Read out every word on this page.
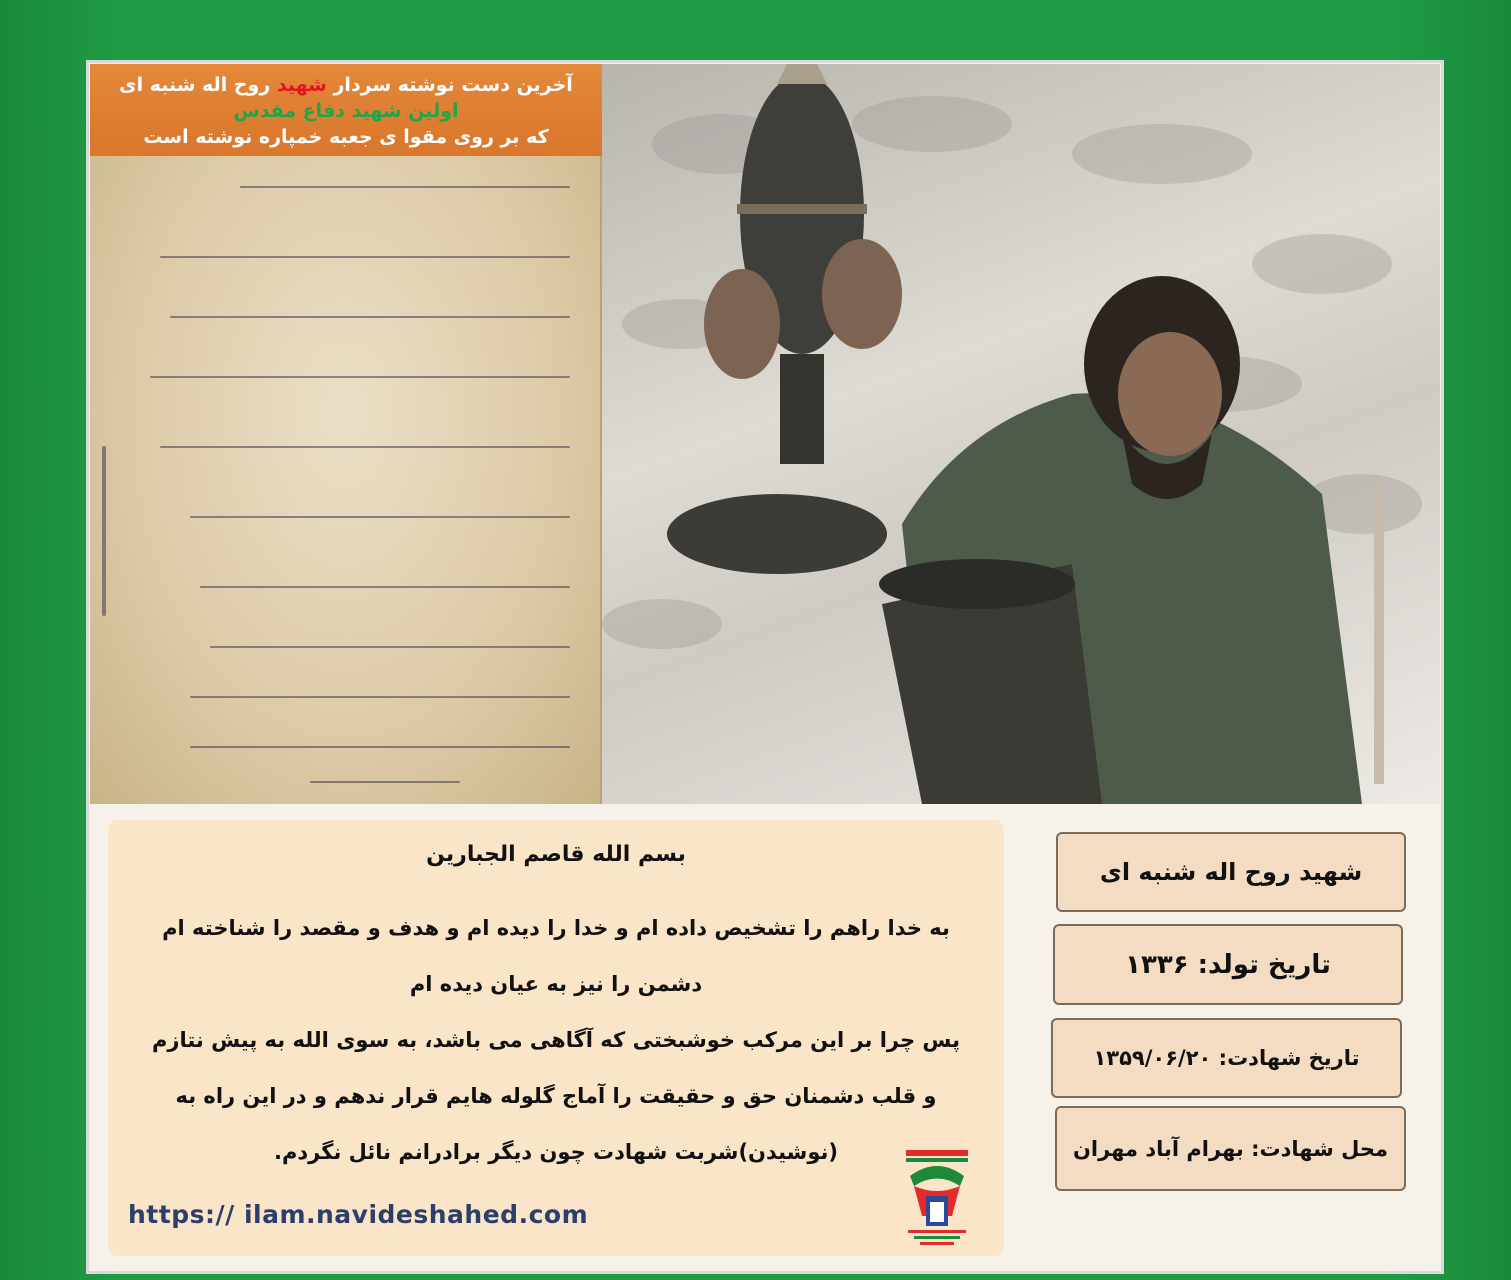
آخرین دست نوشته سردار شهید روح اله شنبه ای
اولین شهید دفاع مقدس
که بر روی مقوا ی جعبه خمپاره نوشته است
بسم الله قاصم الجبارین
به خدا راهم را تشخیص داده ام و خدا را دیده ام و هدف و مقصد را شناخته ام
دشمن را نیز به عیان دیده ام
پس چرا بر این مرکب خوشبختی که آگاهی می باشد، به سوی الله به پیش نتازم
و قلب دشمنان حق و حقیقت را آماج گلوله هایم قرار ندهم و در این راه به
(نوشیدن)شربت شهادت چون دیگر برادرانم نائل نگردم.
https:// ilam.navideshahed.com
شهید روح اله شنبه ای
تاریخ تولد: ۱۳۳۶
تاریخ شهادت: ۱۳۵۹/۰۶/۲۰
محل شهادت: بهرام آباد مهران
